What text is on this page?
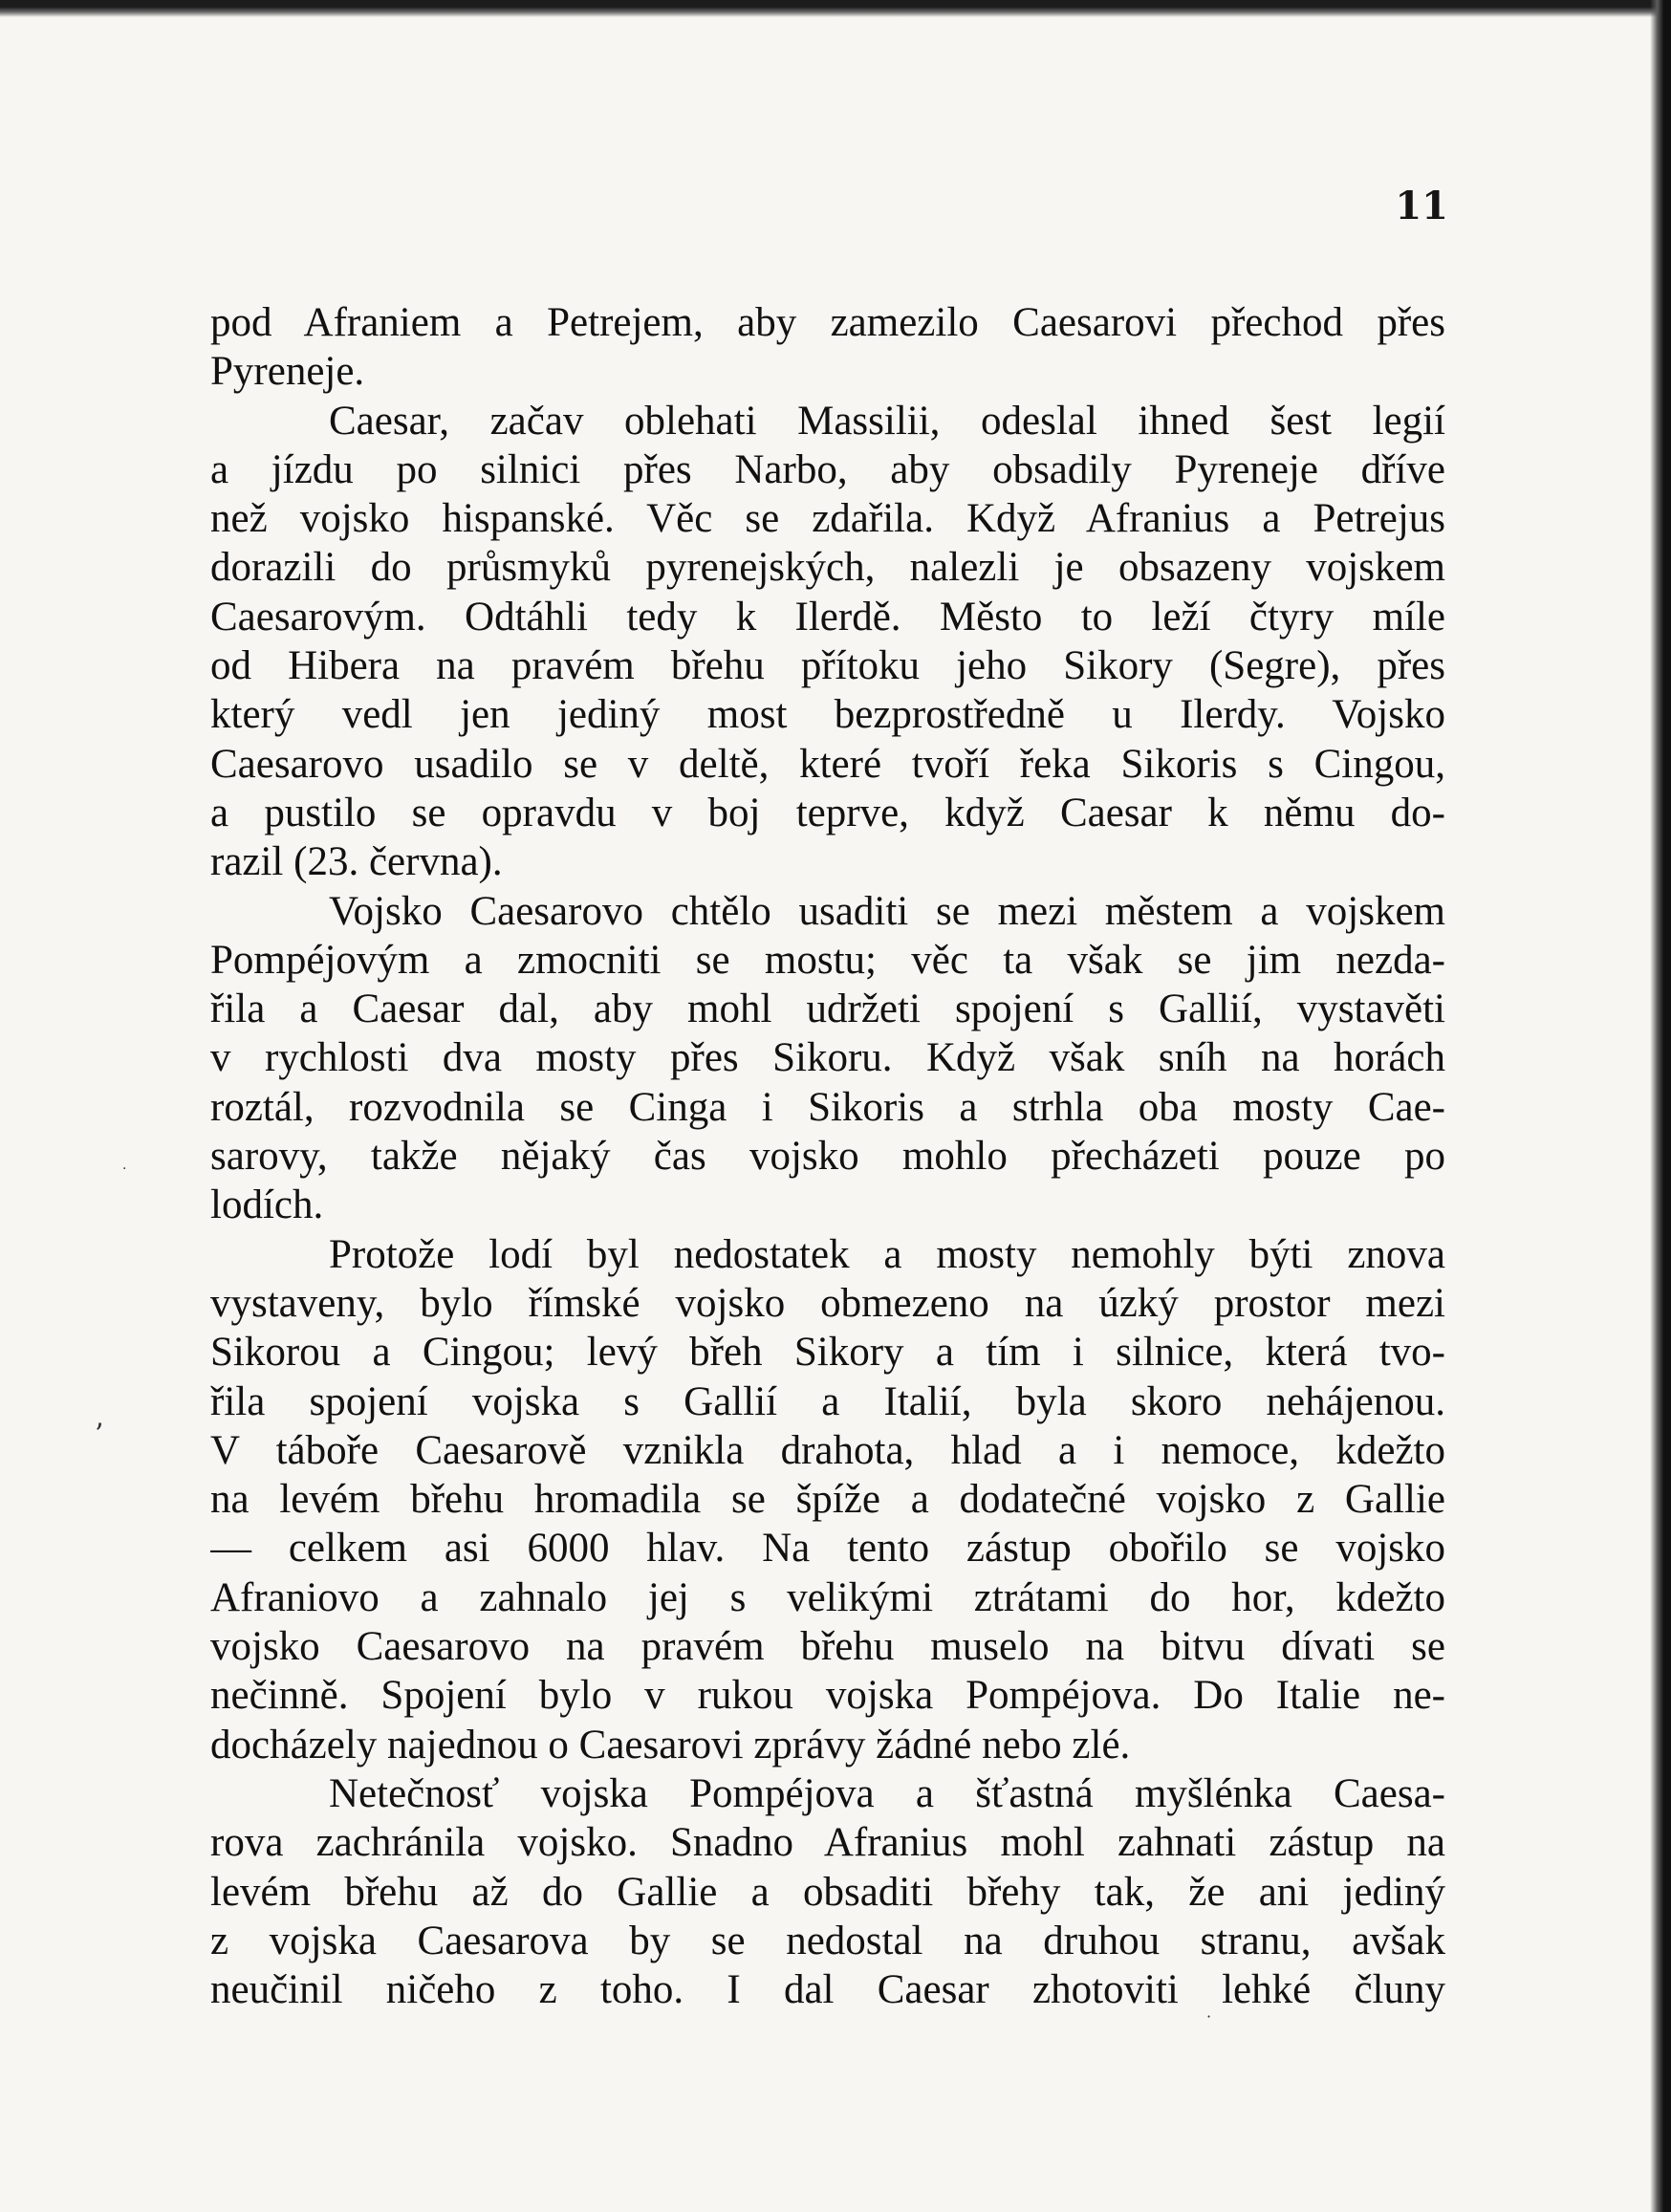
11
pod Afraniem a Petrejem, aby zamezilo Caesarovi přechod přes
Pyreneje.
Caesar, začav oblehati Massilii, odeslal ihned šest legií
a jízdu po silnici přes Narbo, aby obsadily Pyreneje dříve
než vojsko hispanské. Věc se zdařila. Když Afranius a Petrejus
dorazili do průsmyků pyrenejských, nalezli je obsazeny vojskem
Caesarovým. Odtáhli tedy k Ilerdě. Město to leží čtyry míle
od Hibera na pravém břehu přítoku jeho Sikory (Segre), přes
který vedl jen jediný most bezprostředně u Ilerdy. Vojsko
Caesarovo usadilo se v deltě, které tvoří řeka Sikoris s Cingou,
a pustilo se opravdu v boj teprve, když Caesar k němu do-
razil (23. června).
Vojsko Caesarovo chtělo usaditi se mezi městem a vojskem
Pompéjovým a zmocniti se mostu; věc ta však se jim nezda-
řila a Caesar dal, aby mohl udržeti spojení s Gallií, vystavěti
v rychlosti dva mosty přes Sikoru. Když však sníh na horách
roztál, rozvodnila se Cinga i Sikoris a strhla oba mosty Cae-
sarovy, takže nějaký čas vojsko mohlo přecházeti pouze po
lodích.
Protože lodí byl nedostatek a mosty nemohly býti znova
vystaveny, bylo římské vojsko obmezeno na úzký prostor mezi
Sikorou a Cingou; levý břeh Sikory a tím i silnice, která tvo-
řila spojení vojska s Gallií a Italií, byla skoro nehájenou.
V táboře Caesarově vznikla drahota, hlad a i nemoce, kdežto
na levém břehu hromadila se špíže a dodatečné vojsko z Gallie
— celkem asi 6000 hlav. Na tento zástup obořilo se vojsko
Afraniovo a zahnalo jej s velikými ztrátami do hor, kdežto
vojsko Caesarovo na pravém břehu muselo na bitvu dívati se
nečinně. Spojení bylo v rukou vojska Pompéjova. Do Italie ne-
docházely najednou o Caesarovi zprávy žádné nebo zlé.
Netečnosť vojska Pompéjova a šťastná myšlénka Caesa-
rova zachránila vojsko. Snadno Afranius mohl zahnati zástup na
levém břehu až do Gallie a obsaditi břehy tak, že ani jediný
z vojska Caesarova by se nedostal na druhou stranu, avšak
neučinil ničeho z toho. I dal Caesar zhotoviti lehké čluny
ʼ
·
·
